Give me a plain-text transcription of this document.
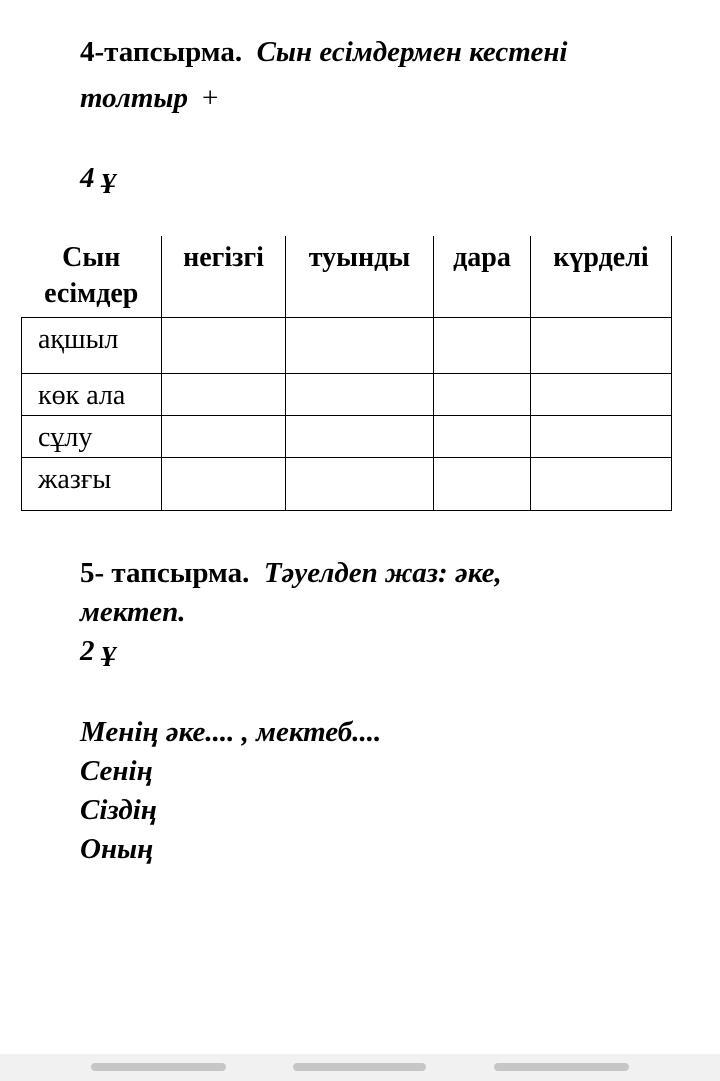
4-тапсырма. Сын есімдермен кестені
толтыр +
4 ұ
Сын есімдер	негізгі	туынды	дара	күрделі
ақшыл				
көк ала				
сұлу				
жазғы				
5- тапсырма. Тәуелдеп жаз: әке,
мектеп.
2 ұ
Менің әке.... , мектеб....
Сенің
Сіздің
Оның
